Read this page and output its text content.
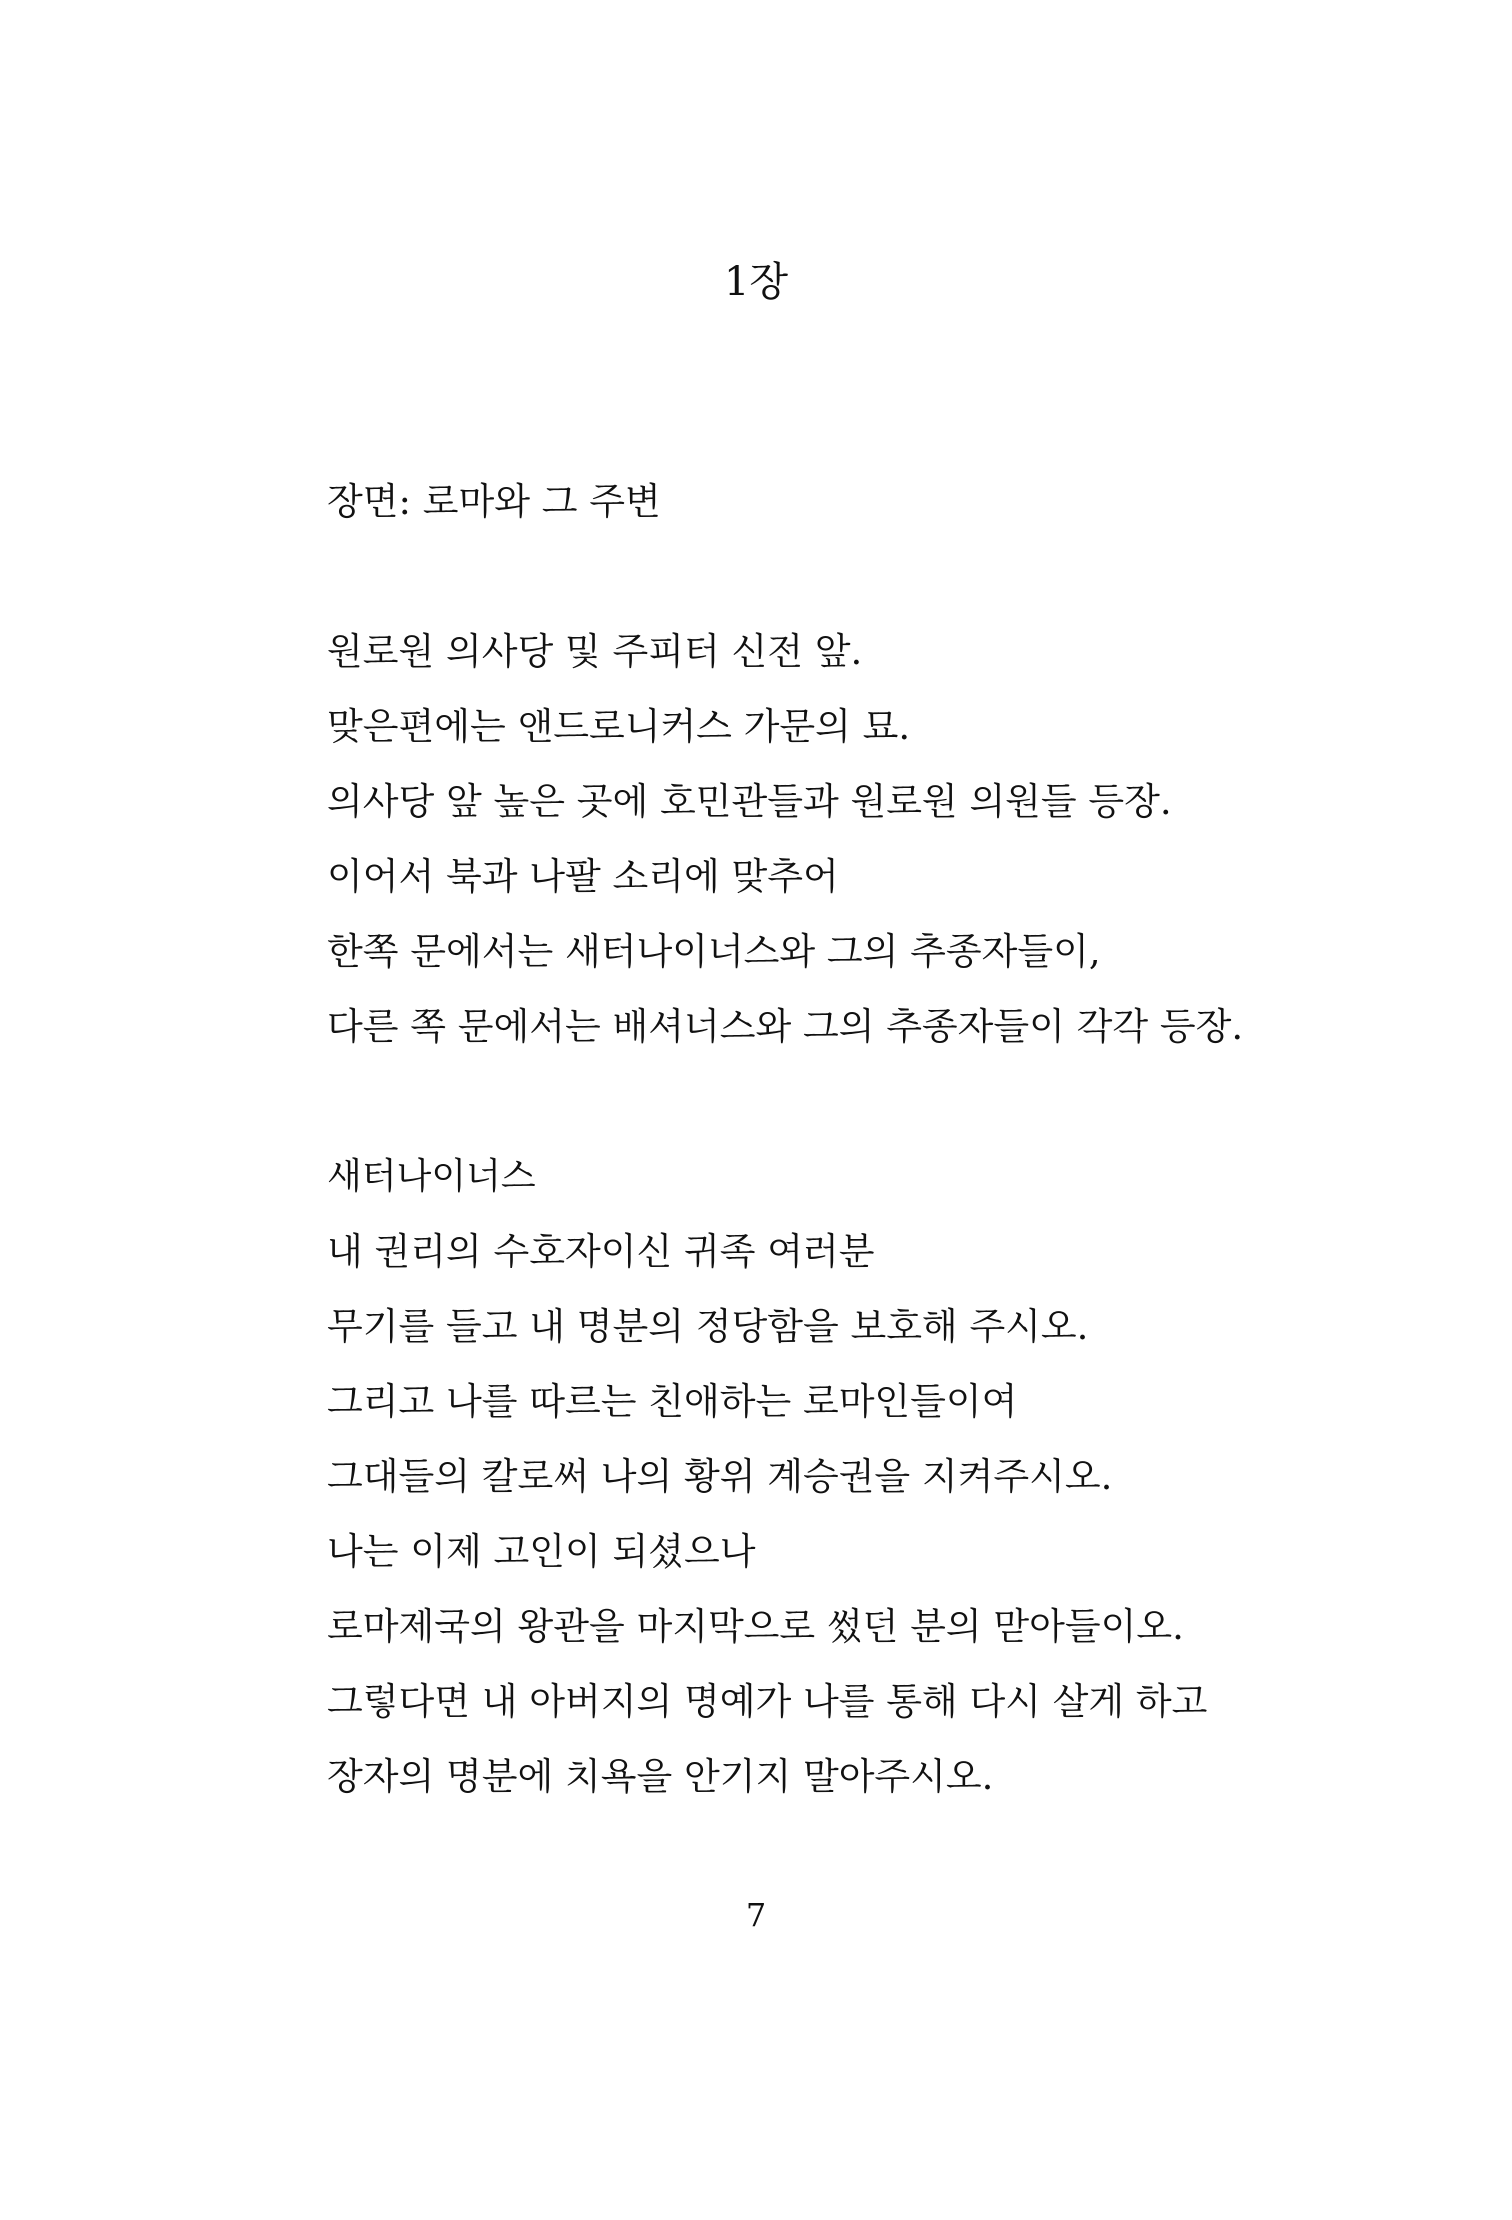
1장
장면: 로마와 그 주변
원로원 의사당 및 주피터 신전 앞.
맞은편에는 앤드로니커스 가문의 묘.
의사당 앞 높은 곳에 호민관들과 원로원 의원들 등장.
이어서 북과 나팔 소리에 맞추어
한쪽 문에서는 새터나이너스와 그의 추종자들이,
다른 쪽 문에서는 배셔너스와 그의 추종자들이 각각 등장.
새터나이너스
내 권리의 수호자이신 귀족 여러분
무기를 들고 내 명분의 정당함을 보호해 주시오.
그리고 나를 따르는 친애하는 로마인들이여
그대들의 칼로써 나의 황위 계승권을 지켜주시오.
나는 이제 고인이 되셨으나
로마제국의 왕관을 마지막으로 썼던 분의 맏아들이오.
그렇다면 내 아버지의 명예가 나를 통해 다시 살게 하고
장자의 명분에 치욕을 안기지 말아주시오.
7
